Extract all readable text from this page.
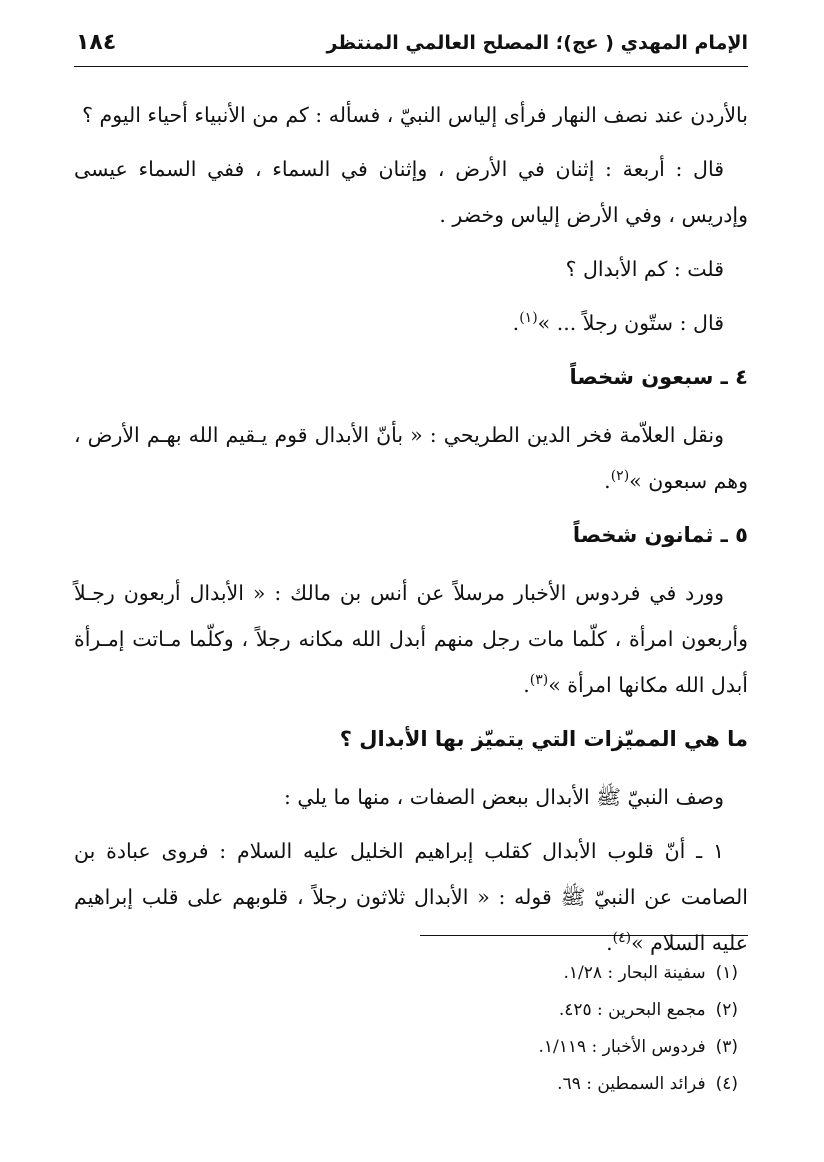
الإمام المهدي ( عج)؛ المصلح العالمي المنتظر
١٨٤

بالأردن عند نصف النهار فرأى إلياس النبيّ ، فسأله : كم من الأنبياء أحياء اليوم ؟

قال : أربعة : إثنان في الأرض ، وإثنان في السماء ، ففي السماء عيسى وإدريس ، وفي الأرض إلياس وخضر .

قلت : كم الأبدال ؟

قال : ستّون رجلاً ... »$^{(١)}$.

٤ ـ سبعون شخصاً

ونقل العلاّمة فخر الدين الطريحي : « بأنّ الأبدال قوم يـقيم الله بهـم الأرض ، وهم سبعون »$^{(٢)}$.

٥ ـ ثمانون شخصاً

وورد في فردوس الأخبار مرسلاً عن أنس بن مالك : « الأبدال أربعون رجـلاً وأربعون امرأة ، كلّما مات رجل منهم أبدل الله مكانه رجلاً ، وكلّما مـاتت إمـرأة أبدل الله مكانها امرأة »$^{(٣)}$.

ما هي المميّزات التي يتميّز بها الأبدال ؟

وصف النبيّ ﷺ الأبدال ببعض الصفات ، منها ما يلي :

١ ـ أنّ قلوب الأبدال كقلب إبراهيم الخليل عليه السلام : فروى عبادة بن الصامت عن النبيّ ﷺ قوله : « الأبدال ثلاثون رجلاً ، قلوبهم على قلب إبراهيم عليه السلام »$^{(٤)}$.

(١)سفينة البحار : ١/٢٨.
(٢)مجمع البحرين : ٤٢٥.
(٣)فردوس الأخبار : ١/١١٩.
(٤)فرائد السمطين : ٦٩.
